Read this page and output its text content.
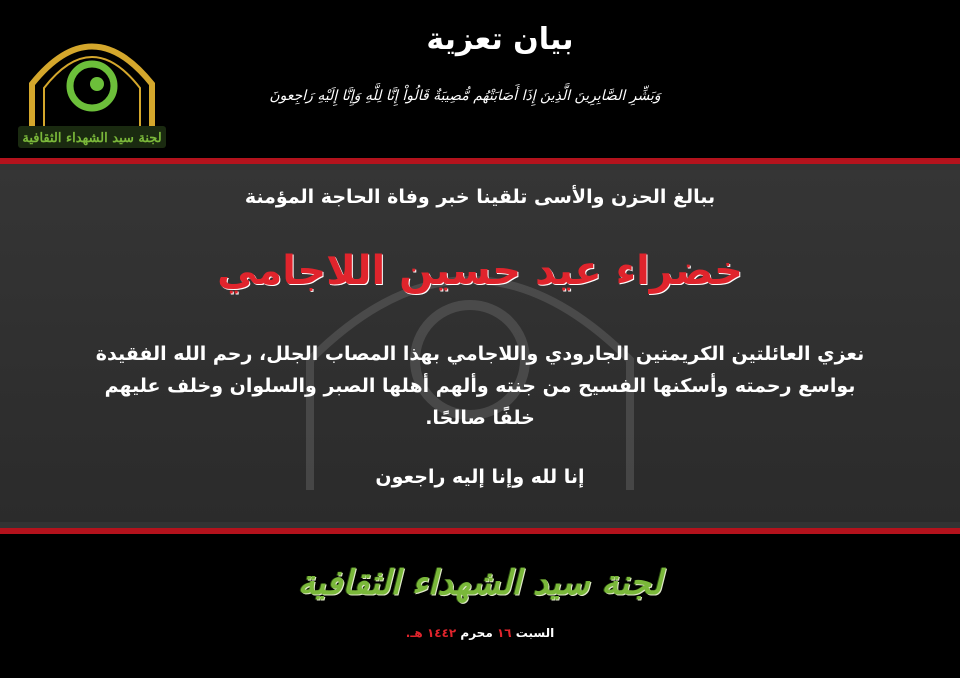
لجنة سيد الشهداء الثقافية
بيان تعزية
وَبَشِّرِ الصَّابِرِينَ الَّذِينَ إِذَا أَصَابَتْهُم مُّصِيبَةٌ قَالُواْ إِنَّا لِلَّهِ وَإِنَّا إِلَيْهِ رَاجِعونَ
ببالغ الحزن والأسى تلقينا خبر وفاة الحاجة المؤمنة
خضراء عيد حسين اللاجامي
نعزي العائلتين الكريمتين الجارودي واللاجامي بهذا المصاب الجلل، رحم الله الفقيدة
بواسع رحمته وأسكنها الفسيح من جنته وألهم أهلها الصبر والسلوان وخلف عليهم
خلفًا صالحًا.
إنا لله وإنا إليه راجعون
لجنة سيد الشهداء الثقافية
السبت ١٦ محرم ١٤٤٢ هـ.
